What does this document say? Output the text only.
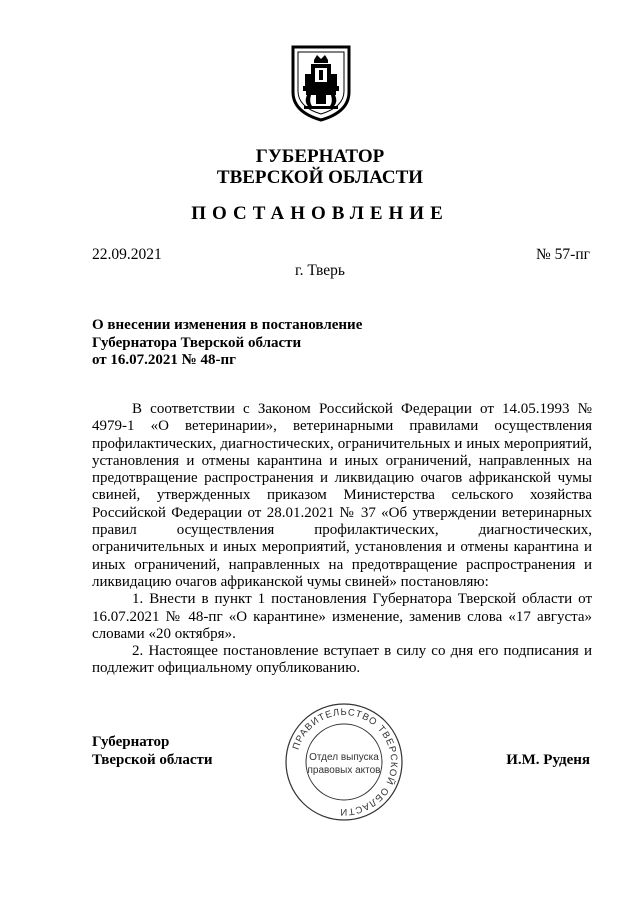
ГУБЕРНАТОР
ТВЕРСКОЙ ОБЛАСТИ
ПОСТАНОВЛЕНИЕ
22.09.2021	№ 57-пг
г. Тверь
О внесении изменения в постановление
Губернатора Тверской области
от 16.07.2021 № 48-пг

В соответствии с Законом Российской Федерации от 14.05.1993 № 4979-1 «О ветеринарии», ветеринарными правилами осуществления профилактических, диагностических, ограничительных и иных мероприятий, установления и отмены карантина и иных ограничений, направленных на предотвращение распространения и ликвидацию очагов африканской чумы свиней, утвержденных приказом Министерства сельского хозяйства Российской Федерации от 28.01.2021 № 37 «Об утверждении ветеринарных правил осуществления профилактических, диагностических, ограничительных и иных мероприятий, установления и отмены карантина и иных ограничений, направленных на предотвращение распространения и ликвидацию очагов африканской чумы свиней» постановляю:

1. Внести в пункт 1 постановления Губернатора Тверской области от 16.07.2021 № 48-пг «О карантине» изменение, заменив слова «17 августа» словами «20 октября».

2. Настоящее постановление вступает в силу со дня его подписания и подлежит официальному опубликованию.

Губернатор
Тверской области	И.М. Руденя
ПРАВИТЕЛЬСТВО ТВЕРСКОЙ ОБЛАСТИ
Отдел выпуска
правовых актов
